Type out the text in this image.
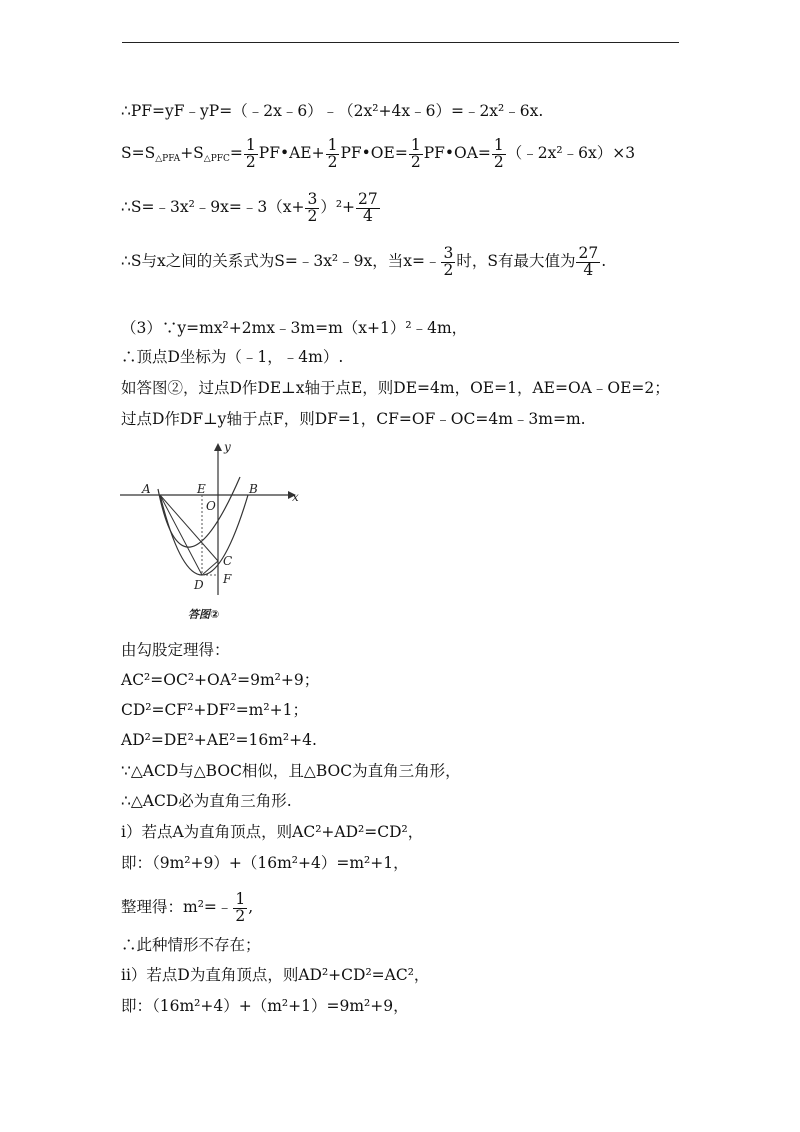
∴PF=yF﹣yP=（﹣2x﹣6）﹣（2x²+4x﹣6）=﹣2x²﹣6x.
$S=S_{\triangle PFA}+S_{\triangle PFC}= \frac{1}{2}$ PF•AE+ $\frac{1}{2}$ PF•OE= $\frac{1}{2}$ PF•OA= $\frac{1}{2}$ （﹣2x²﹣6x）×3
∴S=﹣3x²﹣9x=﹣3（x+ $\frac{3}{2} )^2+ \frac{27}{4}$
∴S与x之间的关系式为S=﹣3x²﹣9x，当x=﹣ $\frac{3}{2}$ 时，S有最大值为 $\frac{27}{4}$ .
（3）∵y=mx²+2mx﹣3m=m（x+1）²﹣4m，
∴顶点D坐标为（﹣1，﹣4m）.
如答图②，过点D作DE⊥x轴于点E，则DE=4m，OE=1，AE=OA﹣OE=2；
过点D作DF⊥y轴于点F，则DF=1，CF=OF﹣OC=4m﹣3m=m.
y
x
A	E	B
O
C
D F
答图②
由勾股定理得：
AC²=OC²+OA²=9m²+9；
CD²=CF²+DF²=m²+1；
AD²=DE²+AE²=16m²+4.
∵△ACD与△BOC相似，且△BOC为直角三角形，
∴△ACD必为直角三角形.
i）若点A为直角顶点，则AC²+AD²=CD²，
即：（9m²+9）+（16m²+4）=m²+1，
整理得：m²=﹣ $\frac{1}{2}$ ,
∴此种情形不存在；
ii）若点D为直角顶点，则AD²+CD²=AC²，
即：（16m²+4）+（m²+1）=9m²+9，
